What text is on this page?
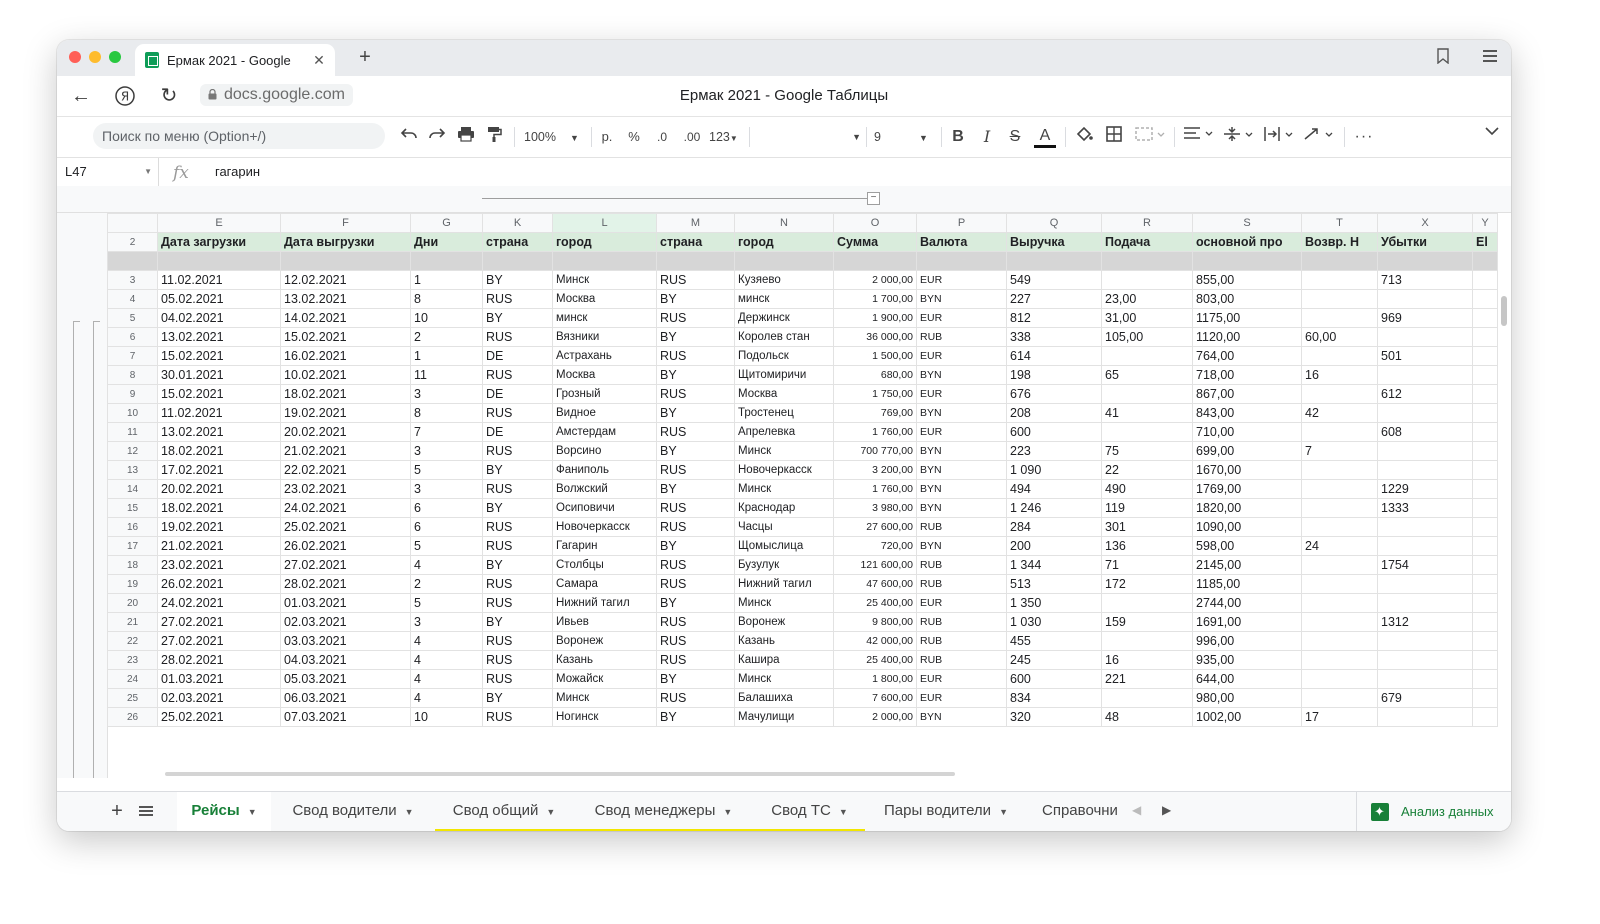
Ермак 2021 - Google	✕	+
← Я ↻	docs.google.com	Ермак 2021 - Google Таблицы
Поиск по меню (Option+/)	100% ▼	р. % .0	.00 123▼	▼ 9	▼	B	I	S	A	···
L47	▼ fx гагарин
−
	E	F	G	K	L	M	N	O	P	Q	R	S	T	X	Y
2	Дата загрузки	Дата выгрузки	Дни	страна	город	страна	город	Сумма	Валюта	Выручка	Подача	основной про	Возвр. Н	Убытки	El

3	11.02.2021	12.02.2021	1	BY	Минск	RUS	Кузяево	2 000,00	EUR	549		855,00		713	
4	05.02.2021	13.02.2021	8	RUS	Москва	BY	минск	1 700,00	BYN	227	23,00	803,00			
5	04.02.2021	14.02.2021	10	BY	минск	RUS	Держинск	1 900,00	EUR	812	31,00	1175,00		969	
6	13.02.2021	15.02.2021	2	RUS	Вязники	BY	Королев стан	36 000,00	RUB	338	105,00	1120,00	60,00		
7	15.02.2021	16.02.2021	1	DE	Астрахань	RUS	Подольск	1 500,00	EUR	614		764,00		501	
8	30.01.2021	10.02.2021	11	RUS	Москва	BY	Щитомиричи	680,00	BYN	198	65	718,00	16		
9	15.02.2021	18.02.2021	3	DE	Грозный	RUS	Москва	1 750,00	EUR	676		867,00		612	
10	11.02.2021	19.02.2021	8	RUS	Видное	BY	Тростенец	769,00	BYN	208	41	843,00	42		
11	13.02.2021	20.02.2021	7	DE	Амстердам	RUS	Апрелевка	1 760,00	EUR	600		710,00		608	
12	18.02.2021	21.02.2021	3	RUS	Ворсино	BY	Минск	700 770,00	BYN	223	75	699,00	7		
13	17.02.2021	22.02.2021	5	BY	Фаниполь	RUS	Новочеркасск	3 200,00	BYN	1 090	22	1670,00			
14	20.02.2021	23.02.2021	3	RUS	Волжский	BY	Минск	1 760,00	BYN	494	490	1769,00		1229	
15	18.02.2021	24.02.2021	6	BY	Осиповичи	RUS	Краснодар	3 980,00	BYN	1 246	119	1820,00		1333	
16	19.02.2021	25.02.2021	6	RUS	Новочеркасск	RUS	Часцы	27 600,00	RUB	284	301	1090,00			
17	21.02.2021	26.02.2021	5	RUS	Гагарин	BY	Щомыслица	720,00	BYN	200	136	598,00	24		
18	23.02.2021	27.02.2021	4	BY	Столбцы	RUS	Бузулук	121 600,00	RUB	1 344	71	2145,00		1754	
19	26.02.2021	28.02.2021	2	RUS	Самара	RUS	Нижний тагил	47 600,00	RUB	513	172	1185,00			
20	24.02.2021	01.03.2021	5	RUS	Нижний тагил	BY	Минск	25 400,00	EUR	1 350		2744,00			
21	27.02.2021	02.03.2021	3	BY	Ивьев	RUS	Воронеж	9 800,00	RUB	1 030	159	1691,00		1312	
22	27.02.2021	03.03.2021	4	RUS	Воронеж	RUS	Казань	42 000,00	RUB	455		996,00			
23	28.02.2021	04.03.2021	4	RUS	Казань	RUS	Кашира	25 400,00	RUB	245	16	935,00			
24	01.03.2021	05.03.2021	4	RUS	Можайск	BY	Минск	1 800,00	EUR	600	221	644,00			
25	02.03.2021	06.03.2021	4	BY	Минск	RUS	Балашиха	7 600,00	EUR	834		980,00		679	
26	25.02.2021	07.03.2021	10	RUS	Ногинск	BY	Мачулищи	2 000,00	BYN	320	48	1002,00	17		
+	Рейсы ▼	Свод водители ▼	Свод общий ▼	Свод менеджеры ▼	Свод ТС ▼	Пары водители ▼	Справочни	◀ ▶ ✦	Анализ данных
